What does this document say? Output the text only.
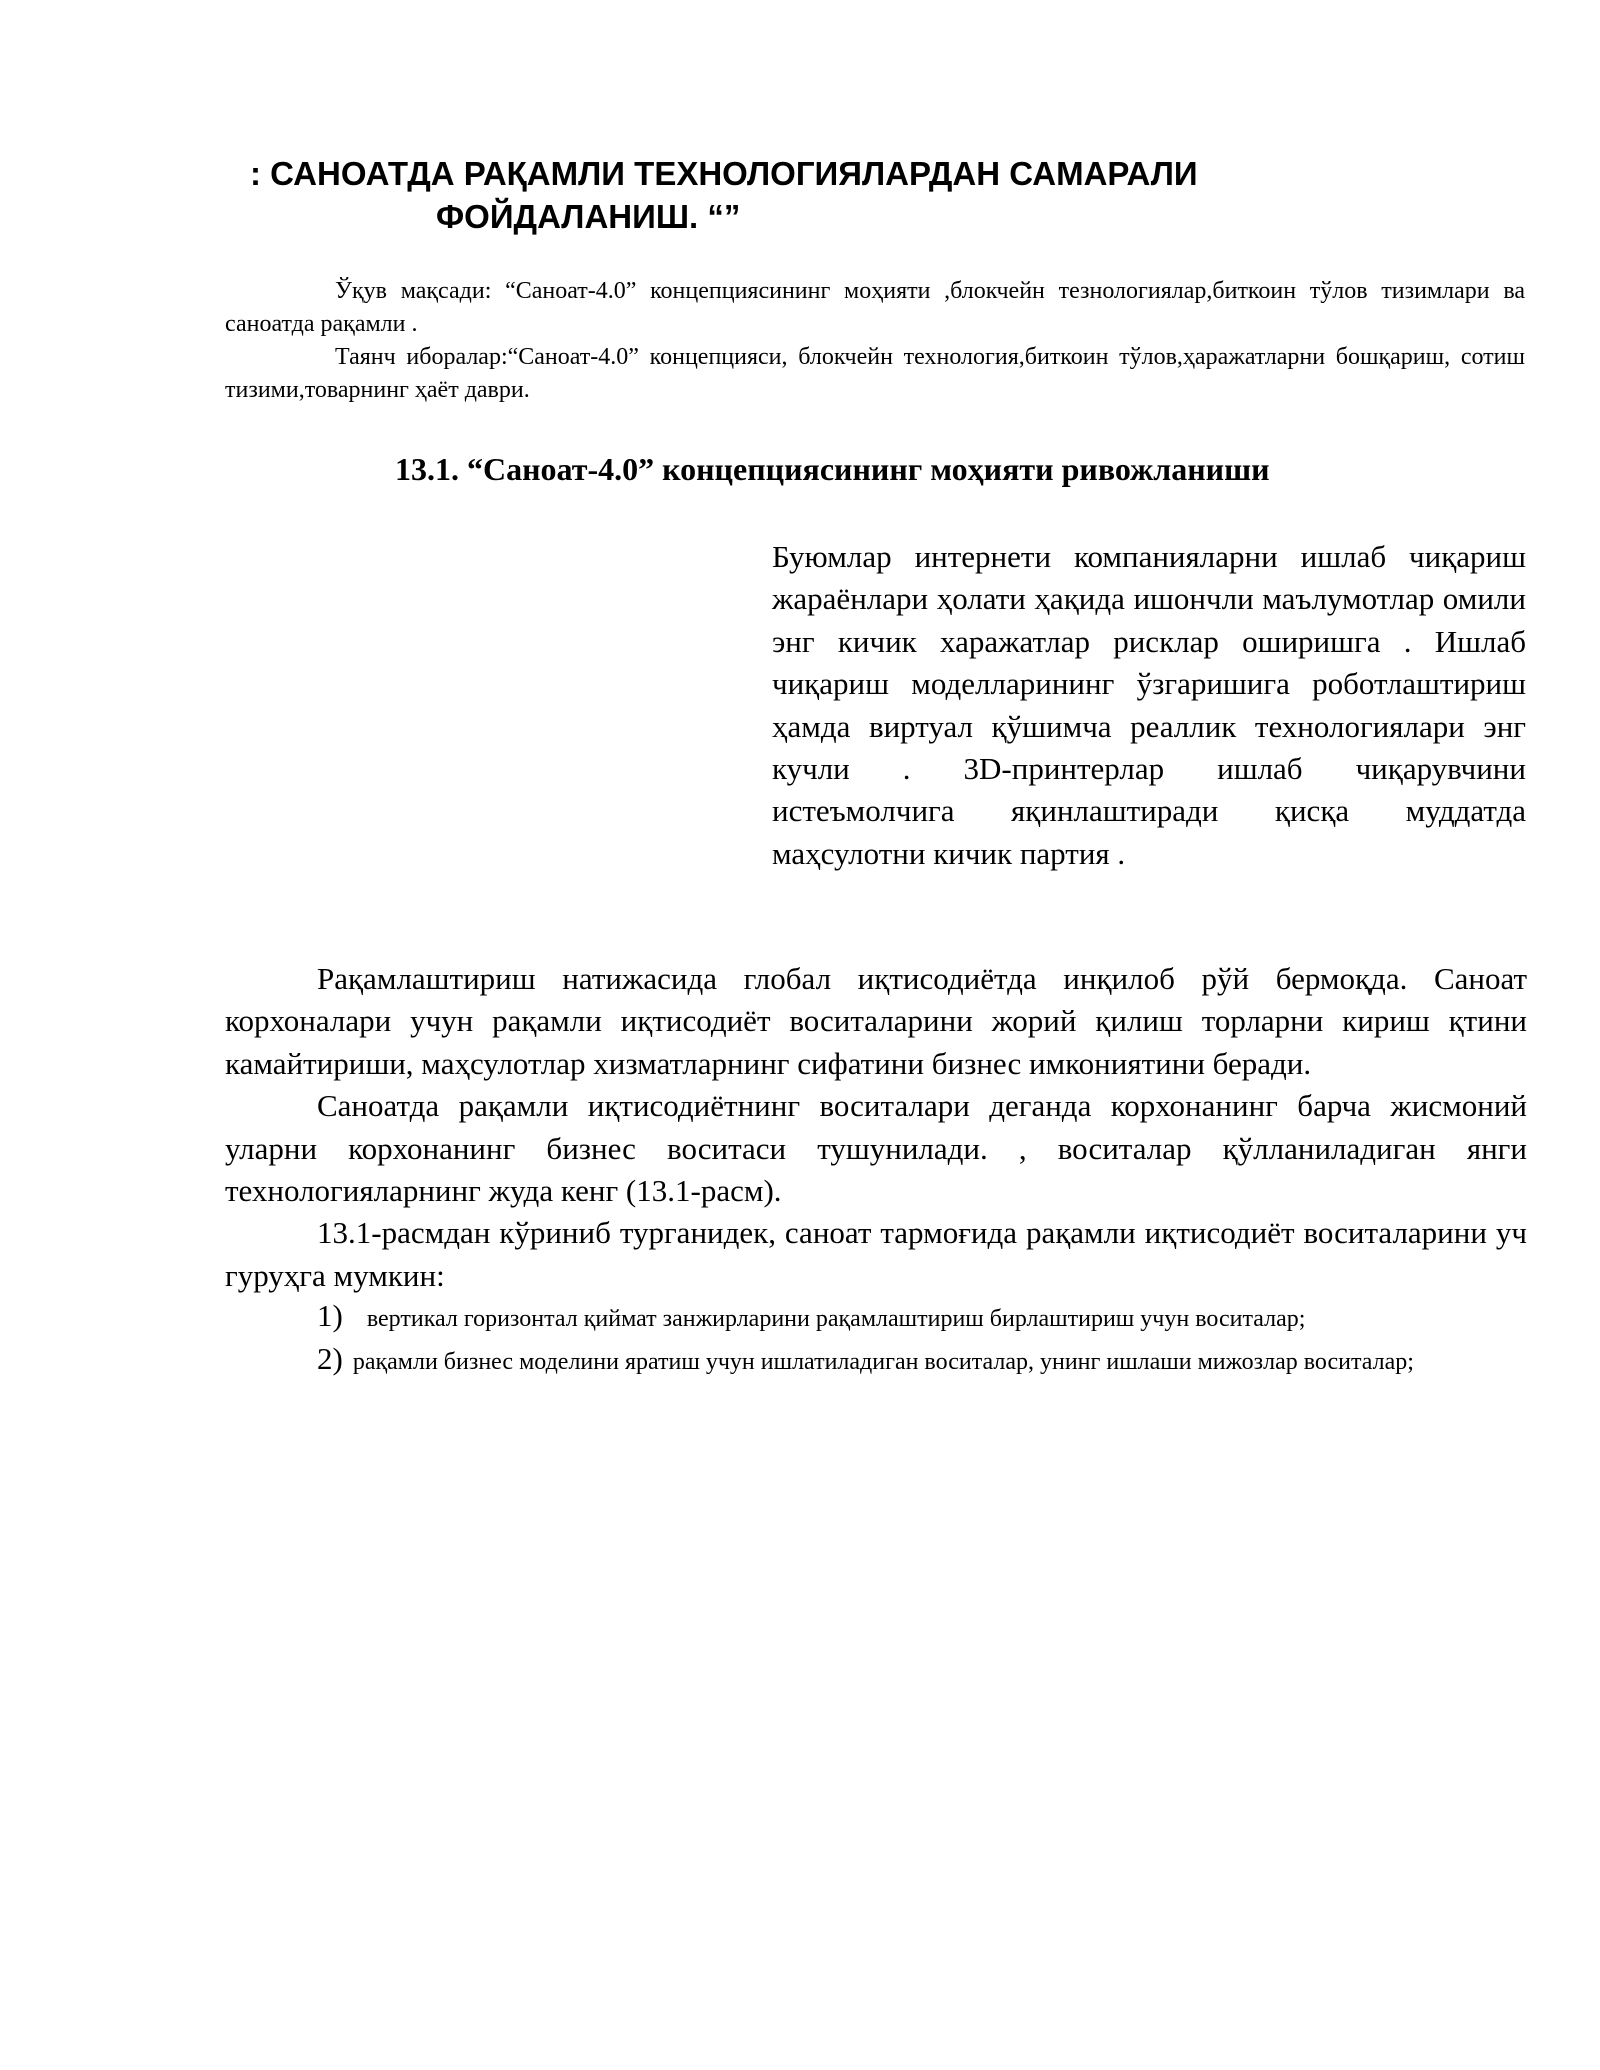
: САНОАТДА РАҚАМЛИ ТЕХНОЛОГИЯЛАРДАН САМАРАЛИ
ФОЙДАЛАНИШ. “”

Ўқув мақсади: “Саноат-4.0” концепциясининг моҳияти ,блокчейн тезнологиялар,биткоин тўлов тизимлари ва саноатда рақамли .

Таянч иборалар:“Саноат-4.0” концепцияси, блокчейн технология,биткоин тўлов,ҳаражатларни бошқариш, сотиш тизими,товарнинг ҳаёт даври.

13.1. “Саноат-4.0” концепциясининг моҳияти ривожланиши

Буюмлар интернети компанияларни ишлаб чиқариш жараёнлари ҳолати ҳақида ишончли маълумотлар омили энг кичик харажатлар рисклар оширишга . Ишлаб чиқариш моделларининг ўзгаришига роботлаштириш ҳамда виртуал қўшимча реаллик технологиялари энг кучли . 3D-принтерлар ишлаб чиқарувчини истеъмолчига яқинлаштиради қисқа муддатда маҳсулотни кичик партия .

Рақамлаштириш натижасида глобал иқтисодиётда инқилоб рўй бермоқда. Саноат корхоналари учун рақамли иқтисодиёт воситаларини жорий қилиш торларни кириш қтини камайтириши, маҳсулотлар хизматларнинг сифатини бизнес имкониятини беради.

Саноатда рақамли иқтисодиётнинг воситалари деганда корхонанинг барча жисмоний уларни корхонанинг бизнес воситаси тушунилади. , воситалар қўлланиладиган янги технологияларнинг жуда кенг (13.1-расм).

13.1-расмдан кўриниб турганидек, саноат тармоғида рақамли иқтисодиёт воситаларини уч гуруҳга мумкин:

1) вертикал горизонтал қиймат занжирларини рақамлаштириш бирлаштириш учун воситалар;

2) рақамли бизнес моделини яратиш учун ишлатиладиган воситалар, унинг ишлаши мижозлар воситалар;
